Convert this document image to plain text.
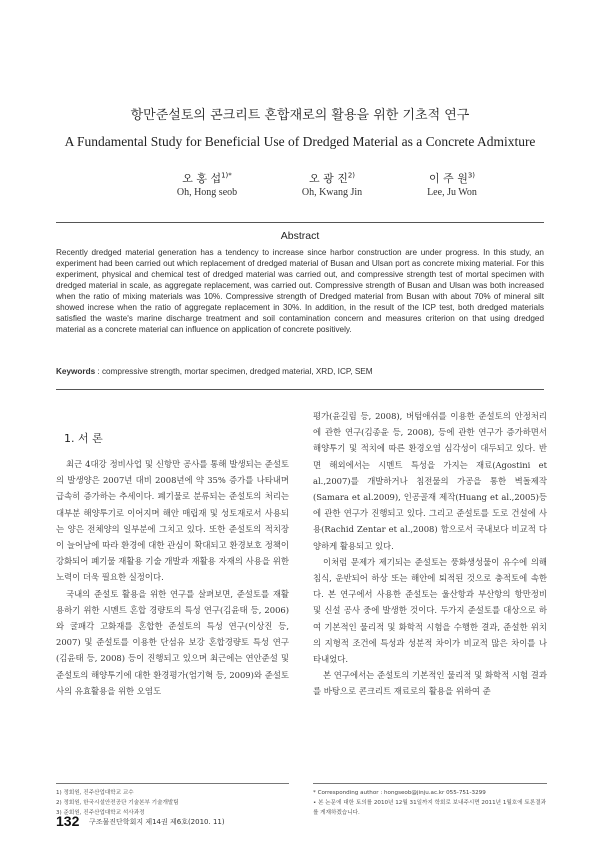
항만준설토의 콘크리트 혼합재로의 활용을 위한 기초적 연구
A Fundamental Study for Beneficial Use of Dredged Material as a Concrete Admixture
오 홍 섭$^{1)*}$	오 광 진$^{2)}$	이 주 원$^{3)}$
Oh, Hong seob	Oh, Kwang Jin	Lee, Ju Won
Abstract
Recently dredged material generation has a tendency to increase since harbor construction are under progress. In this study, an experiment had been carried out which replacement of dredged material of Busan and Ulsan port as concrete mixing material. For this experiment, physical and chemical test of dredged material was carried out, and compressive strength test of mortal specimen with dredged material in scale, as aggregate replacement, was carried out. Compressive strength of Busan and Ulsan was both increased when the ratio of mixing materials was 10%. Compressive strength of Dredged material from Busan with about 70% of mineral silt showed increse when the ratio of aggregate replacement in 30%. In addition, in the result of the ICP test, both dredged materials satisfied the waste's marine discharge treatment and soil contamination concern and measures criterion on that using dredged material as a concrete material can influence on application of concrete positively.
Keywords : compressive strength, mortar specimen, dredged material, XRD, ICP, SEM
1. 서 론

최근 4대강 정비사업 및 신항만 공사를 통해 발생되는 준설토의 발생양은 2007년 대비 2008년에 약 35% 증가를 나타내며 급속히 증가하는 추세이다. 폐기물로 분류되는 준설토의 처리는 대부분 해양투기로 이어지며 해안 매립재 및 성토재로서 사용되는 양은 전체양의 일부분에 그치고 있다. 또한 준설토의 적치장이 늘어남에 따라 환경에 대한 관심이 확대되고 환경보호 정책이 강화되어 폐기물 재활용 기술 개발과 재활용 자재의 사용을 위한 노력이 더욱 필요한 실정이다.

국내의 준설토 활용을 위한 연구를 살펴보면, 준설토를 재활용하기 위한 시멘트 혼합 경량토의 특성 연구(김윤태 등, 2006)와 굴패각 고화재를 혼합한 준설토의 특성 연구(이상진 등, 2007) 및 준설토를 이용한 단섬유 보강 혼합경량토 특성 연구(김윤태 등, 2008) 등이 진행되고 있으며 최근에는 연안준설 및 준설토의 해양투기에 대한 환경평가(엄기혁 등, 2009)와 준설토사의 유효활용을 위한 오염도

평가(윤길림 등, 2008), 버텀애쉬를 이용한 준설토의 안정처리에 관한 연구(김종윤 등, 2008), 등에 관한 연구가 증가하면서 해양투기 및 적치에 따른 환경오염 심각성이 대두되고 있다. 반면 해외에서는 시멘트 특성을 가지는 재료(Agostini et al.,2007)를 개발하거나 침전물의 가공을 통한 벽돌제작(Samara et al.2009), 인공골재 제작(Huang et al.,2005)등에 관한 연구가 진행되고 있다. 그리고 준설토를 도로 건설에 사용(Rachid Zentar et al.,2008) 함으로서 국내보다 비교적 다양하게 활용되고 있다.

이처럼 문제가 제기되는 준설토는 풍화생성물이 유수에 의해 침식, 운반되어 하상 또는 해안에 퇴적된 것으로 충적토에 속한다. 본 연구에서 사용한 준설토는 울산항과 부산항의 항만정비 및 신설 공사 중에 발생한 것이다. 두가지 준설토를 대상으로 하여 기본적인 물리적 및 화학적 시험을 수행한 결과, 준설한 위치의 지형적 조건에 특성과 성분적 차이가 비교적 많은 차이를 나타내었다.

본 연구에서는 준설토의 기본적인 물리적 및 화학적 시험 결과를 바탕으로 콘크리트 재료로의 활용을 위하여 준

1) 정회원, 진주산업대학교 교수
2) 정회원, 한국시설안전공단 기술본부 기술개발팀
3) 준회원, 진주산업대학교 석사과정
* Corresponding author : hongseob@jinju.ac.kr 055-751-3299
• 본 논문에 대한 토의를 2010년 12월 31일까지 학회로 보내주시면 2011년 1월호에 토론결과를 게재하겠습니다.
132 구조물진단학회지 제14권 제6호(2010. 11)
